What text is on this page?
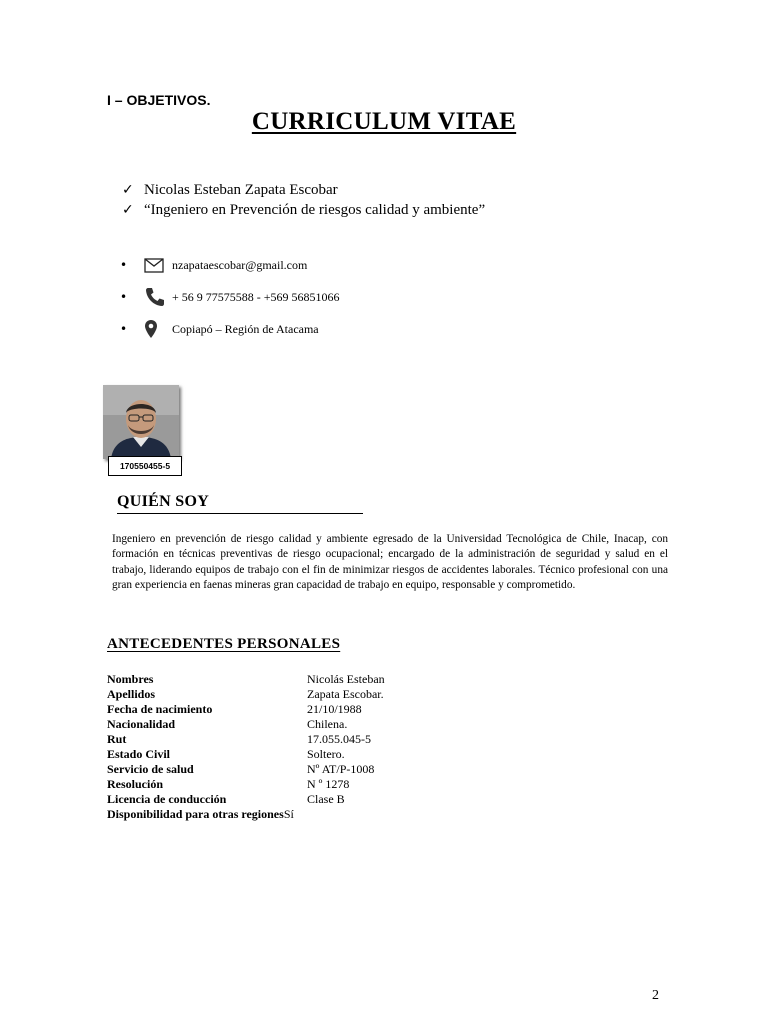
I – OBJETIVOS.
CURRICULUM VITAE
✓ Nicolas Esteban Zapata Escobar
✓ “Ingeniero en Prevención de riesgos calidad y ambiente”
•	nzapataescobar@gmail.com
•	+ 56 9 77575588 - +569 56851066
•	Copiapó – Región de Atacama
170550455-5
QUIÉN SOY
Ingeniero en prevención de riesgo calidad y ambiente egresado de la Universidad Tecnológica de Chile, Inacap, con formación en técnicas preventivas de riesgo ocupacional; encargado de la administración de seguridad y salud en el trabajo, liderando equipos de trabajo con el fin de minimizar riesgos de accidentes laborales. Técnico profesional con una gran experiencia en faenas mineras gran capacidad de trabajo en equipo, responsable y comprometido.
ANTECEDENTES PERSONALES
Nombres	Nicolás Esteban
Apellidos	Zapata Escobar.
Fecha de nacimiento	21/10/1988
Nacionalidad	Chilena.
Rut	17.055.045-5
Estado Civil	Soltero.
Servicio de salud	Nº AT/P-1008
Resolución	N º 1278
Licencia de conducción	Clase B
Disponibilidad para otras regiones Sí
2
